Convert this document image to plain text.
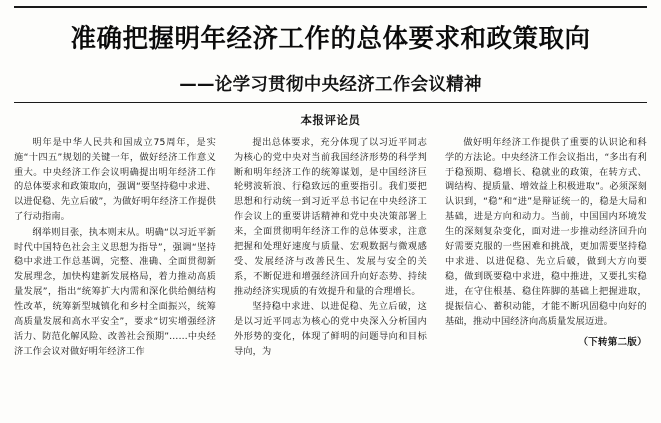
准确把握明年经济工作的总体要求和政策取向
——论学习贯彻中央经济工作会议精神
本报评论员

明年是中华人民共和国成立75周年，是实施“十四五”规划的关键一年，做好经济工作意义重大。中央经济工作会议明确提出明年经济工作的总体要求和政策取向，强调“要坚持稳中求进、以进促稳、先立后破”，为做好明年经济工作提供了行动指南。

纲举则目张，执本则末从。明确“以习近平新时代中国特色社会主义思想为指导”，强调“坚持稳中求进工作总基调，完整、准确、全面贯彻新发展理念，加快构建新发展格局，着力推动高质量发展”，指出“统筹扩大内需和深化供给侧结构性改革，统筹新型城镇化和乡村全面振兴，统筹高质量发展和高水平安全”，要求“切实增强经济活力、防范化解风险、改善社会预期”……中央经济工作会议对做好明年经济工作

提出总体要求，充分体现了以习近平同志为核心的党中央对当前我国经济形势的科学判断和明年经济工作的统筹谋划，是中国经济巨轮劈波斩浪、行稳致远的重要指引。我们要把思想和行动统一到习近平总书记在中央经济工作会议上的重要讲话精神和党中央决策部署上来，全面贯彻明年经济工作的总体要求，注意把握和处理好速度与质量、宏观数据与微观感受、发展经济与改善民生、发展与安全的关系，不断促进和增强经济回升向好态势、持续推动经济实现质的有效提升和量的合理增长。

坚持稳中求进、以进促稳、先立后破，这是以习近平同志为核心的党中央深入分析国内外形势的变化，体现了鲜明的问题导向和目标导向，为

做好明年经济工作提供了重要的认识论和科学的方法论。中央经济工作会议指出，“多出有利于稳预期、稳增长、稳就业的政策，在转方式、调结构、提质量、增效益上积极进取”。必须深刻认识到，“稳”和“进”是辩证统一的，稳是大局和基础，进是方向和动力。当前，中国国内环境发生的深刻复杂变化，面对进一步推动经济回升向好需要克服的一些困难和挑战，更加需要坚持稳中求进、以进促稳、先立后破，做到大方向要稳，做到既要稳中求进，稳中推进，又要扎实稳进，在守住根基、稳住阵脚的基础上把握进取，提振信心、蓄积动能，才能不断巩固稳中向好的基础，推动中国经济向高质量发展迈进。

（下转第二版）
